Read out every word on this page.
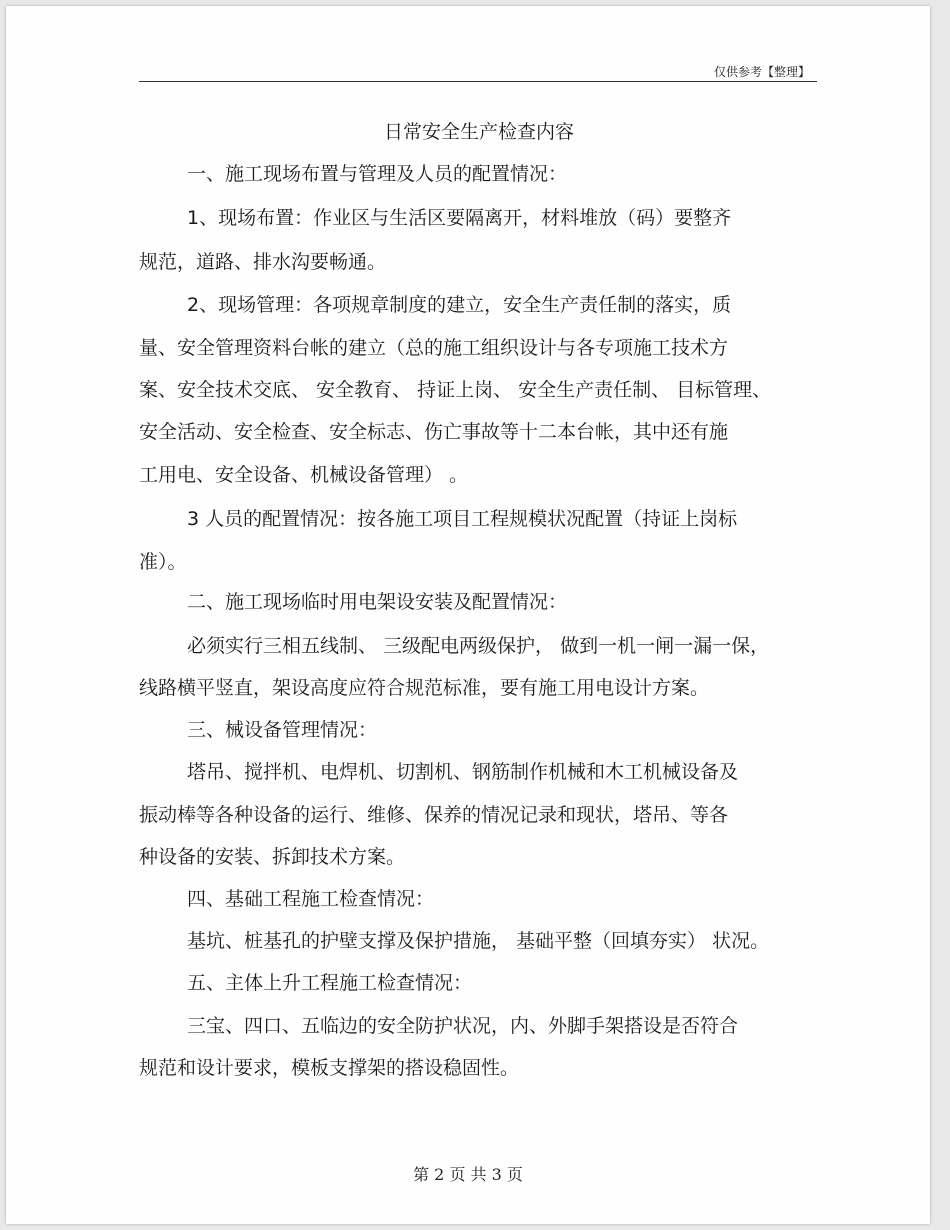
仅供参考【整理】
日常安全生产检查内容
一、施工现场布置与管理及人员的配置情况：
1、现场布置：作业区与生活区要隔离开，材料堆放（码）要整齐
规范，道路、排水沟要畅通。
2、现场管理：各项规章制度的建立，安全生产责任制的落实，质
量、安全管理资料台帐的建立（总的施工组织设计与各专项施工技术方
案、安全技术交底、 安全教育、 持证上岗、 安全生产责任制、 目标管理、
安全活动、安全检查、安全标志、伤亡事故等十二本台帐，其中还有施
工用电、安全设备、机械设备管理） 。
3 人员的配置情况：按各施工项目工程规模状况配置（持证上岗标
准）。
二、施工现场临时用电架设安装及配置情况：
必须实行三相五线制、 三级配电两级保护， 做到一机一闸一漏一保，
线路横平竖直，架设高度应符合规范标准，要有施工用电设计方案。
三、械设备管理情况：
塔吊、搅拌机、电焊机、切割机、钢筋制作机械和木工机械设备及
振动棒等各种设备的运行、维修、保养的情况记录和现状，塔吊、等各
种设备的安装、拆卸技术方案。
四、基础工程施工检查情况：
基坑、桩基孔的护壁支撑及保护措施， 基础平整（回填夯实） 状况。
五、主体上升工程施工检查情况：
三宝、四口、五临边的安全防护状况，内、外脚手架搭设是否符合
规范和设计要求，模板支撑架的搭设稳固性。
第 2 页 共 3 页
